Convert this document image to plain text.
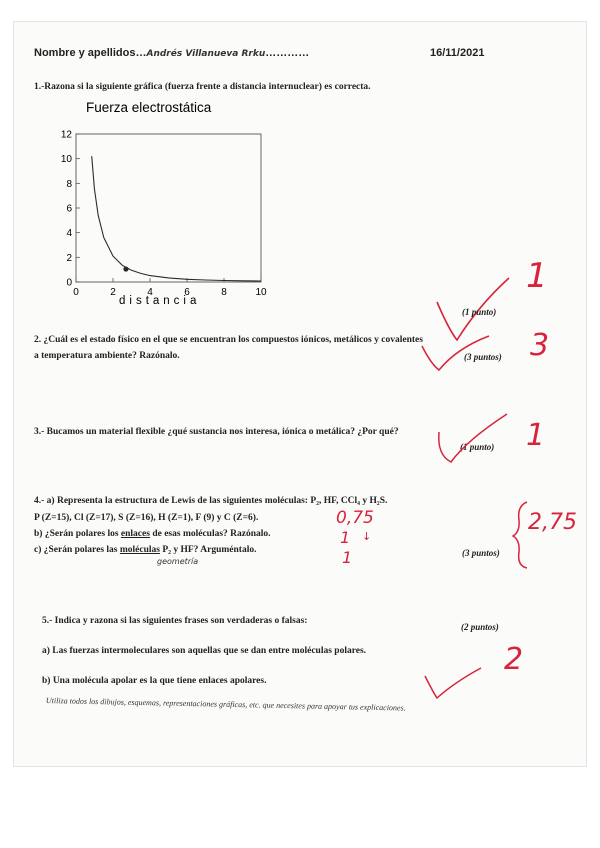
Nombre y apellidos…Andrés Villanueva Rrku…………	16/11/2021
1.-Razona si la siguiente gráfica (fuerza frente a distancia internuclear) es correcta.
Fuerza electrostática
0
2
4
6
8
10
12
0	2	4	6	8	10
distancia
1
(1 punto)
2. ¿Cuál es el estado físico en el que se encuentran los compuestos iónicos, metálicos y covalentes
a temperatura ambiente? Razónalo.	(3 puntos) 3
3.- Bucamos un material flexible ¿qué sustancia nos interesa, iónica o metálica? ¿Por qué?
(1 punto) 1
4.- a) Representa la estructura de Lewis de las siguientes moléculas: P₂, HF, CCl₄ y H₂S.
P (Z=15), Cl (Z=17), S (Z=16), H (Z=1), F (9) y C (Z=6).
b) ¿Serán polares los enlaces de esas moléculas? Razónalo.
c) ¿Serán polares las moléculas P₂ y HF? Arguméntalo.
geometría
(3 puntos)
0,75
1 ↓
1
2,75
5.- Indica y razona si las siguientes frases son verdaderas o falsas:
(2 puntos)
a) Las fuerzas intermoleculares son aquellas que se dan entre moléculas polares.
b) Una molécula apolar es la que tiene enlaces apolares.
2
Utiliza todos los dibujos, esquemas, representaciones gráficas, etc. que necesites para apoyar tus explicaciones.
